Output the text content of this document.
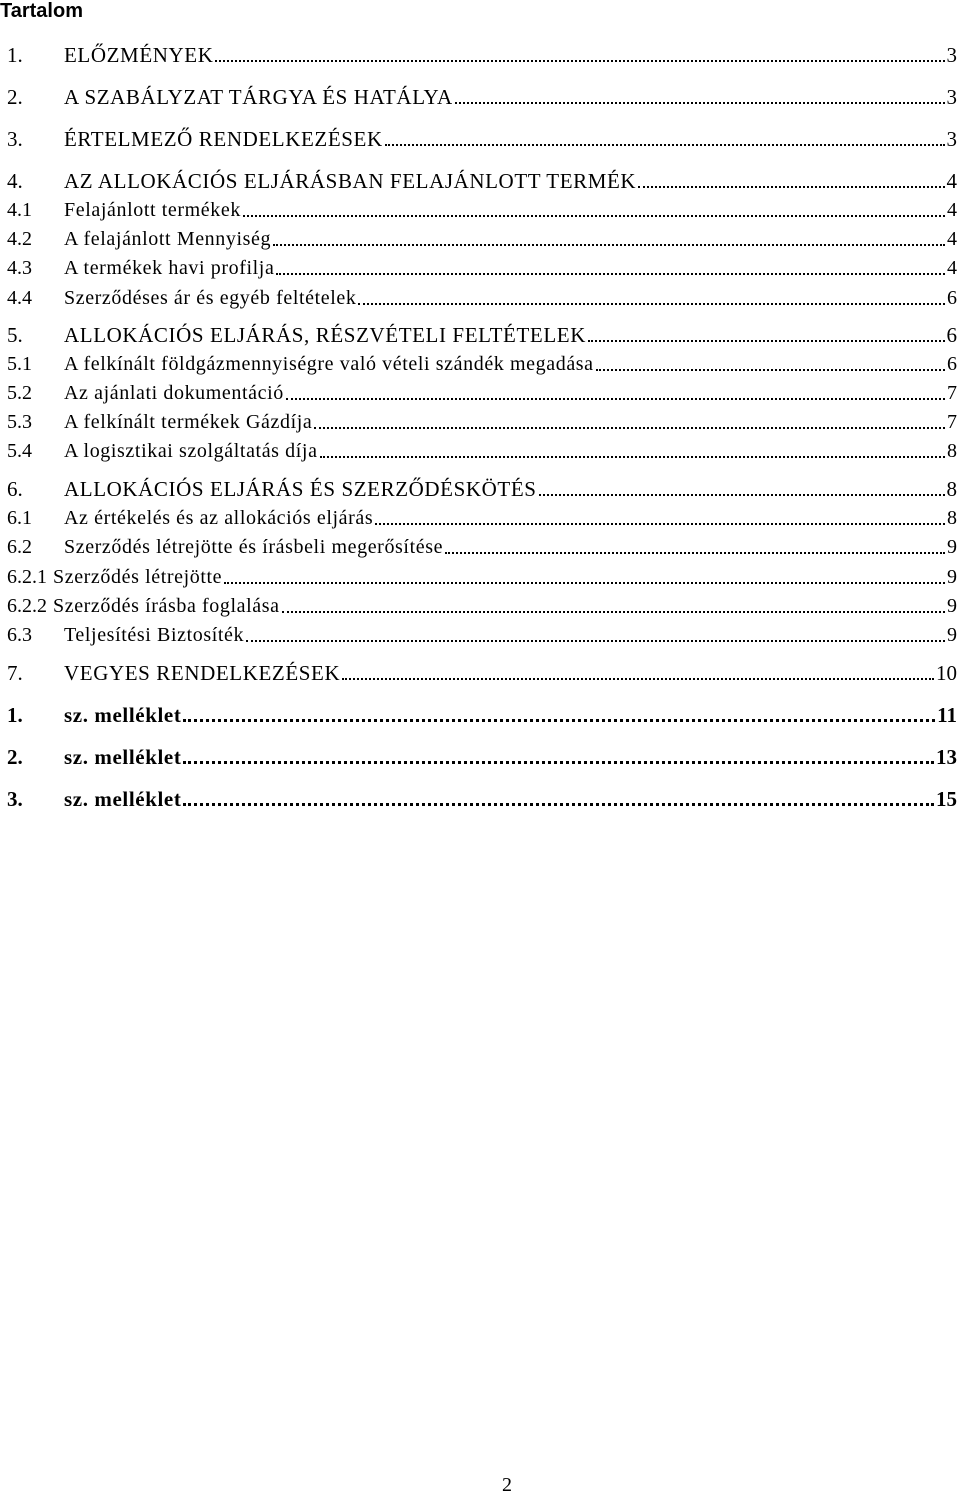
Tartalom
1.	ELŐZMÉNYEK	3
2.	A SZABÁLYZAT TÁRGYA ÉS HATÁLYA	3
3.	ÉRTELMEZŐ RENDELKEZÉSEK	3
4.	AZ ALLOKÁCIÓS ELJÁRÁSBAN FELAJÁNLOTT TERMÉK	4
4.1	Felajánlott termékek	4
4.2	A felajánlott Mennyiség	4
4.3	A termékek havi profilja	4
4.4	Szerződéses ár és egyéb feltételek	6
5.	ALLOKÁCIÓS ELJÁRÁS, RÉSZVÉTELI FELTÉTELEK	6
5.1	A felkínált földgázmennyiségre való vételi szándék megadása	6
5.2	Az ajánlati dokumentáció	7
5.3	A felkínált termékek Gázdíja	7
5.4	A logisztikai szolgáltatás díja	8
6.	ALLOKÁCIÓS ELJÁRÁS ÉS SZERZŐDÉSKÖTÉS	8
6.1	Az értékelés és az allokációs eljárás	8
6.2	Szerződés létrejötte és írásbeli megerősítése	9
6.2.1 Szerződés létrejötte	9
6.2.2 Szerződés írásba foglalása	9
6.3	Teljesítési Biztosíték	9
7.	VEGYES RENDELKEZÉSEK	10
1.	sz. melléklet	11
2.	sz. melléklet	13
3.	sz. melléklet	15

2
